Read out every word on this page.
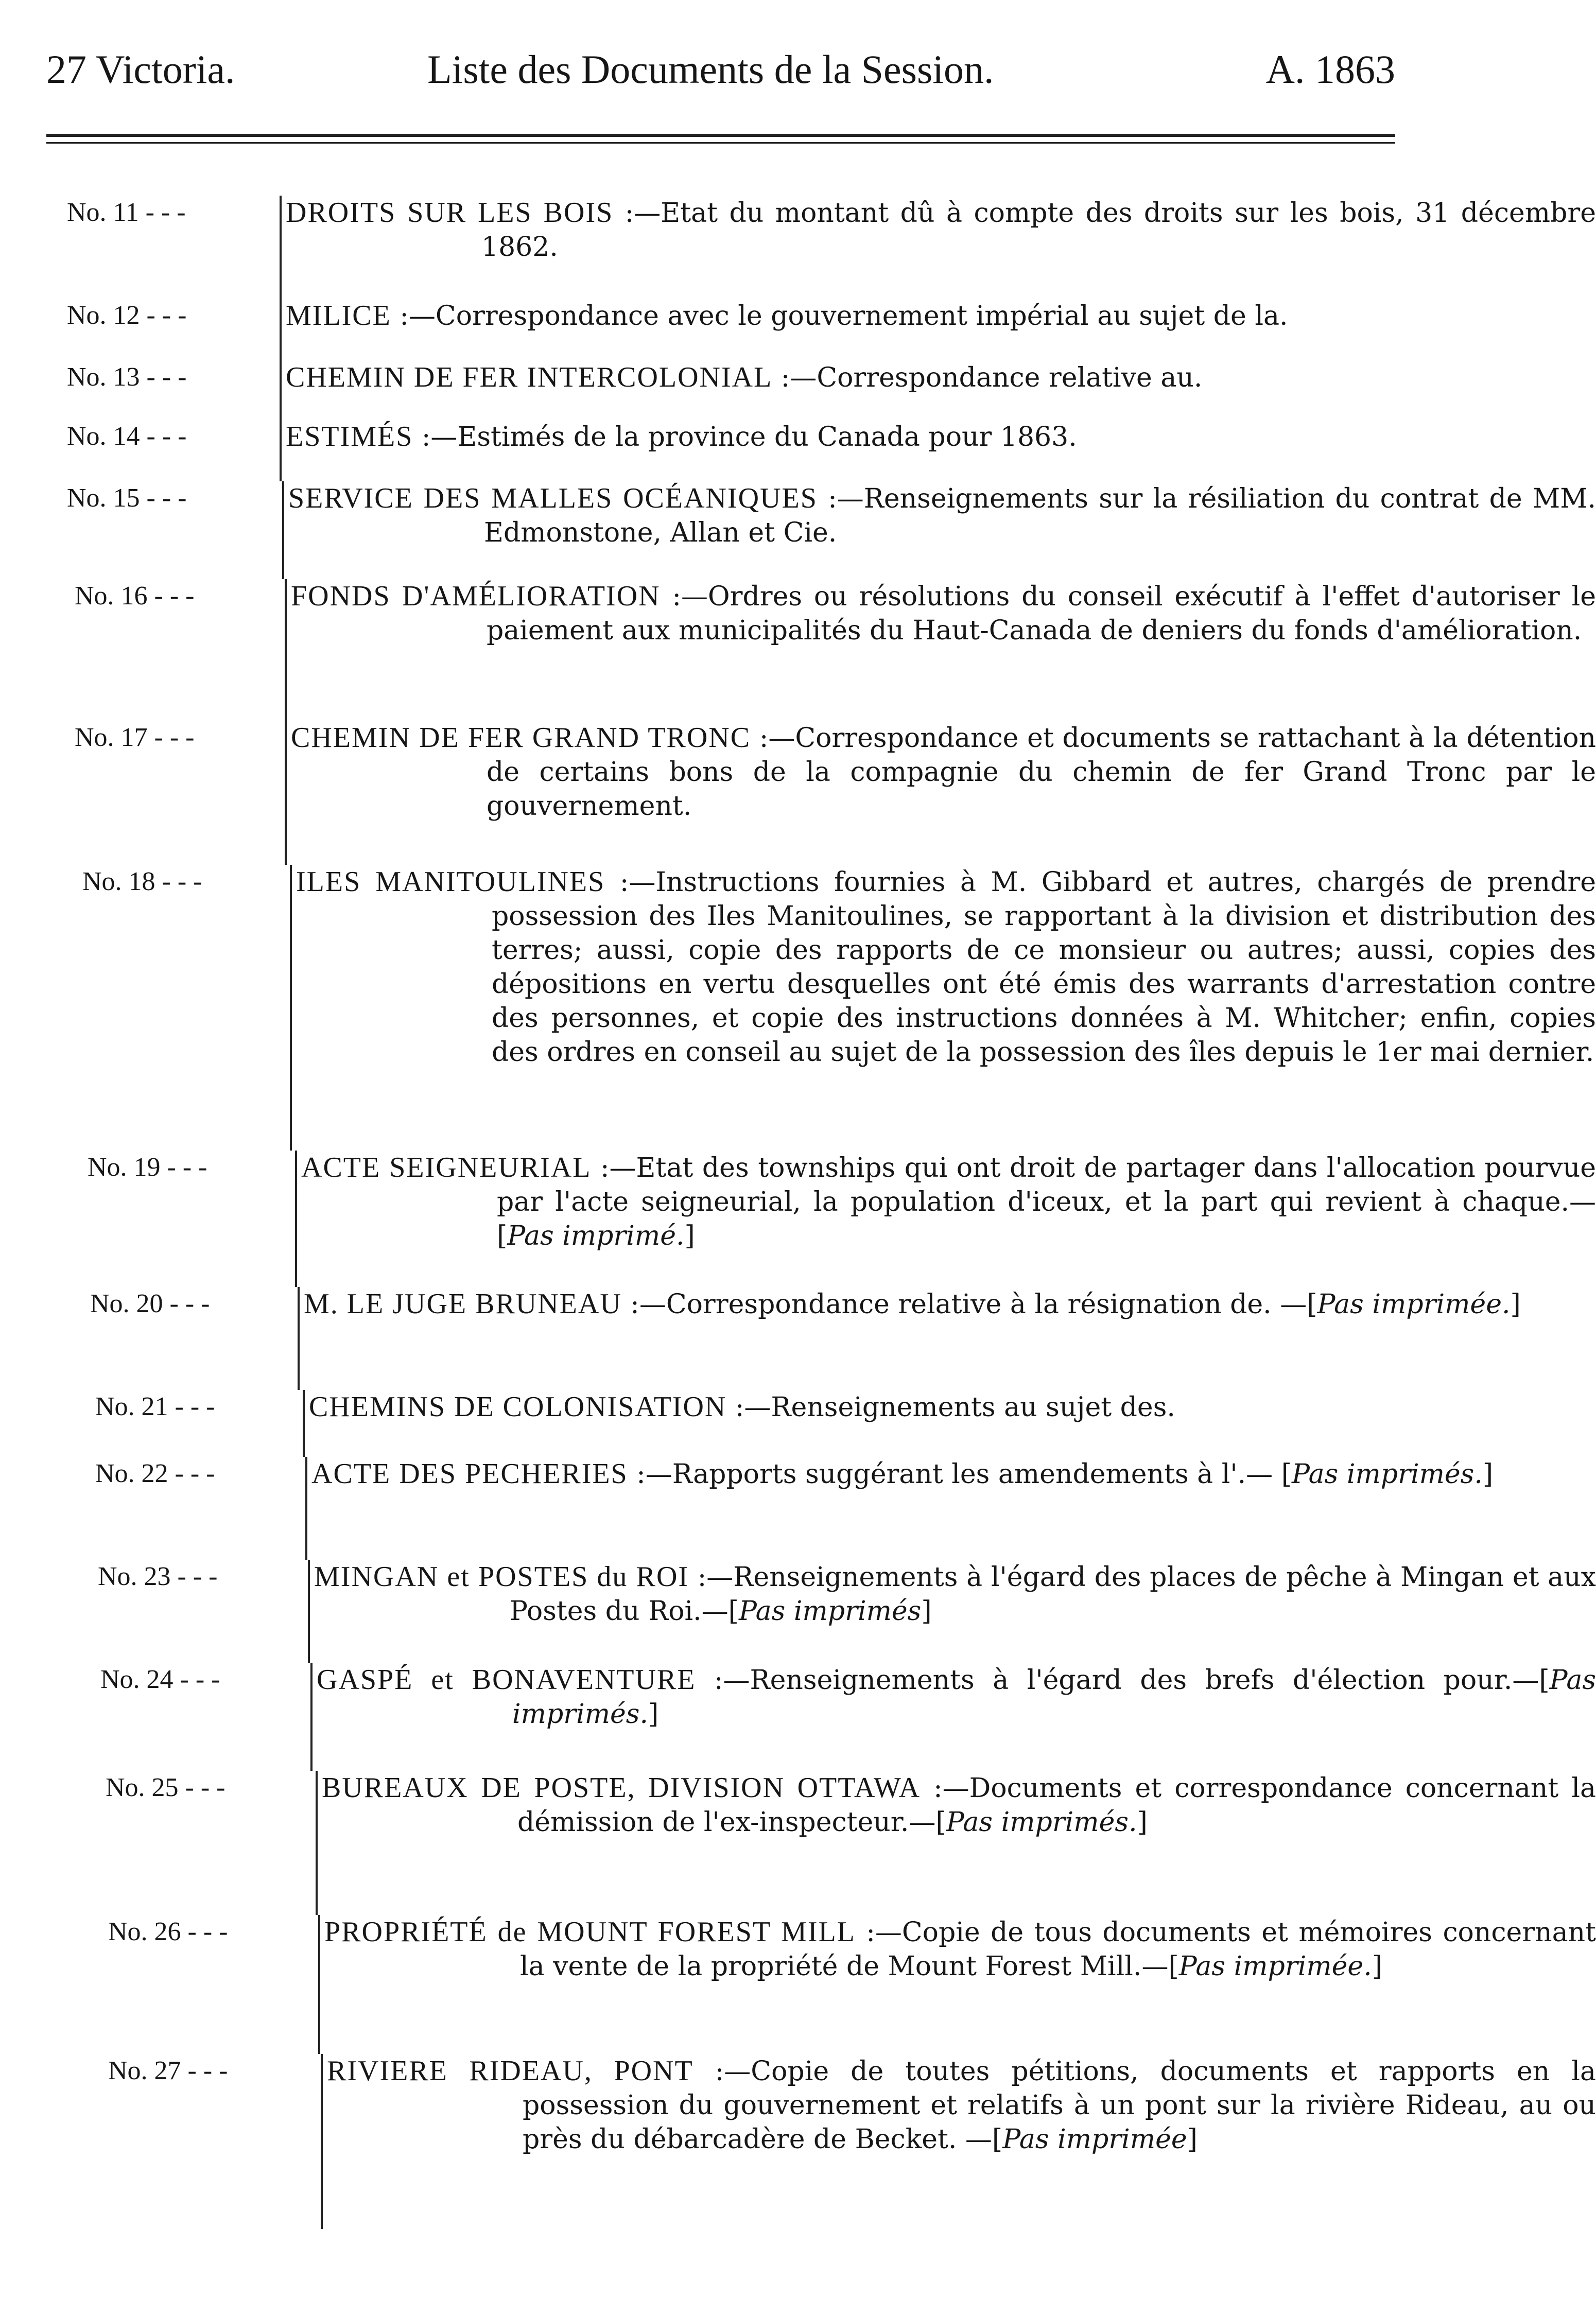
27 Victoria.	Liste des Documents de la Session.	A. 1863
No. 11 - - -	DROITS SUR LES BOIS :—Etat du montant dû à compte des droits sur les bois, 31 décembre 1862.
No. 12 - - -	MILICE :—Correspondance avec le gouvernement impérial au sujet de la.
No. 13 - - -	CHEMIN DE FER INTERCOLONIAL :—Correspondance relative au.
No. 14 - - -	ESTIMÉS :—Estimés de la province du Canada pour 1863.
No. 15 - - -	SERVICE DES MALLES OCÉANIQUES :—Renseignements sur la résiliation du contrat de MM. Edmonstone, Allan et Cie.
No. 16 - - -	FONDS D'AMÉLIORATION :—Ordres ou résolutions du conseil exécutif à l'effet d'autoriser le paiement aux municipalités du Haut-Canada de deniers du fonds d'amélioration.
No. 17 - - -	CHEMIN DE FER GRAND TRONC :—Correspondance et documents se rattachant à la détention de certains bons de la compagnie du chemin de fer Grand Tronc par le gouvernement.
No. 18 - - -	ILES MANITOULINES :—Instructions fournies à M. Gibbard et autres, chargés de prendre possession des Iles Manitoulines, se rapportant à la division et distribution des terres; aussi, copie des rapports de ce monsieur ou autres; aussi, copies des dépositions en vertu desquelles ont été émis des warrants d'arrestation contre des personnes, et copie des instructions données à M. Whitcher; enfin, copies des ordres en conseil au sujet de la possession des îles depuis le 1er mai dernier.
No. 19 - - -	ACTE SEIGNEURIAL :—Etat des townships qui ont droit de partager dans l'allocation pourvue par l'acte seigneurial, la population d'iceux, et la part qui revient à chaque.—[Pas imprimé.]
No. 20 - - -	M. LE JUGE BRUNEAU :—Correspondance relative à la résignation de. —[Pas imprimée.]
No. 21 - - -	CHEMINS DE COLONISATION :—Renseignements au sujet des.
No. 22 - - -	ACTE DES PECHERIES :—Rapports suggérant les amendements à l'.— [Pas imprimés.]
No. 23 - - -	MINGAN et POSTES du ROI :—Renseignements à l'égard des places de pêche à Mingan et aux Postes du Roi.—[Pas imprimés]
No. 24 - - -	GASPÉ et BONAVENTURE :—Renseignements à l'égard des brefs d'élection pour.—[Pas imprimés.]
No. 25 - - -	BUREAUX DE POSTE, DIVISION OTTAWA :—Documents et correspondance concernant la démission de l'ex-inspecteur.—[Pas imprimés.]
No. 26 - - -	PROPRIÉTÉ de MOUNT FOREST MILL :—Copie de tous documents et mémoires concernant la vente de la propriété de Mount Forest Mill.—[Pas imprimée.]
No. 27 - - -	RIVIERE RIDEAU, PONT :—Copie de toutes pétitions, documents et rapports en la possession du gouvernement et relatifs à un pont sur la rivière Rideau, au ou près du débarcadère de Becket. —[Pas imprimée]
